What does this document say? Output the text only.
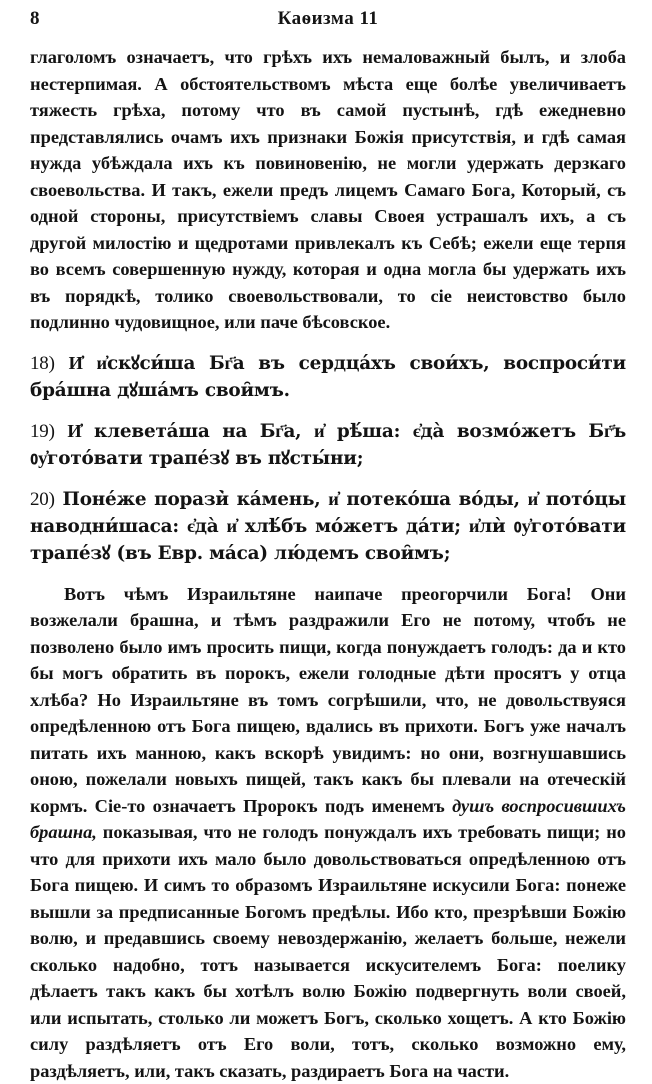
8	Каѳизма 11

глаголомъ означаетъ, что грѣхъ ихъ немаловажный былъ, и злоба нестерпимая. А обстоятельствомъ мѣста еще болѣе увеличиваетъ тяжесть грѣха, потому что въ самой пустынѣ, гдѣ ежедневно представлялись очамъ ихъ признаки Божія присутствія, и гдѣ самая нужда убѣждала ихъ къ повиновенію, не могли удержать дерзкаго своевольства. И такъ, ежели предъ лицемъ Самаго Бога, Который, съ одной стороны, присутствіемъ славы Своея устрашалъ ихъ, а съ другой милостію и щедротами привлекалъ къ Себѣ; ежели еще терпя во всемъ совершенную нужду, которая и одна могла бы удержать ихъ въ порядкѣ, толико своевольствовали, то сіе неистовство было подлинно чудовищное, или паче бѣсовское.

18) И҆ и҆скꙋси́ша Бг҃а въ сердца́хъ свои́хъ, воспроси́ти бра́шна дꙋша́мъ свои̑мъ.

19) И҆ клевета́ша на Бг҃а, и҆ рѣ́ша: є҆да̀ возмо́жетъ Бг҃ъ ᲂу҆гото́вати трапе́зꙋ въ пꙋсты́ни;

20) Поне́же порази̇̀ ка́мень, и҆ потеко́ша во́ды, и҆ пото́цы наводни́шаса: є҆да̀ и҆ хлѣ́бъ мо́жетъ да́ти; и҆лѝ ᲂу҆гото́вати трапе́зꙋ (въ Евр. ма́са) лю́демъ свои̑мъ;

Вотъ чѣмъ Израильтяне наипаче преогорчили Бога! Они возжелали брашна, и тѣмъ раздражили Его не потому, чтобъ не позволено было имъ просить пищи, когда понуждаетъ голодъ: да и кто бы могъ обратить въ порокъ, ежели голодные дѣти просятъ у отца хлѣба? Но Израильтяне въ томъ согрѣшили, что, не довольствуяся опредѣленною отъ Бога пищею, вдались въ прихоти. Богъ уже началъ питать ихъ манною, какъ вскорѣ увидимъ: но они, возгнушавшись оною, пожелали новыхъ пищей, такъ какъ бы плевали на отеческій кормъ. Сіе-то означаетъ Пророкъ подъ именемъ душъ воспросившихъ брашна, показывая, что не голодъ понуждалъ ихъ требовать пищи; но что для прихоти ихъ мало было довольствоваться опредѣленною отъ Бога пищею. И симъ то образомъ Израильтяне искусили Бога: понеже вышли за предписанные Богомъ предѣлы. Ибо кто, презрѣвши Божію волю, и предавшись своему невоздержанію, желаетъ больше, нежели сколько надобно, тотъ называется искусителемъ Бога: поелику дѣлаетъ такъ какъ бы хотѣлъ волю Божію подвергнуть воли своей, или испытать, столько ли можетъ Богъ, сколько хощетъ. А кто Божію силу раздѣляетъ отъ Его воли, тотъ, сколько возможно ему, раздѣляетъ, или, такъ сказать, раздираетъ Бога на части.
